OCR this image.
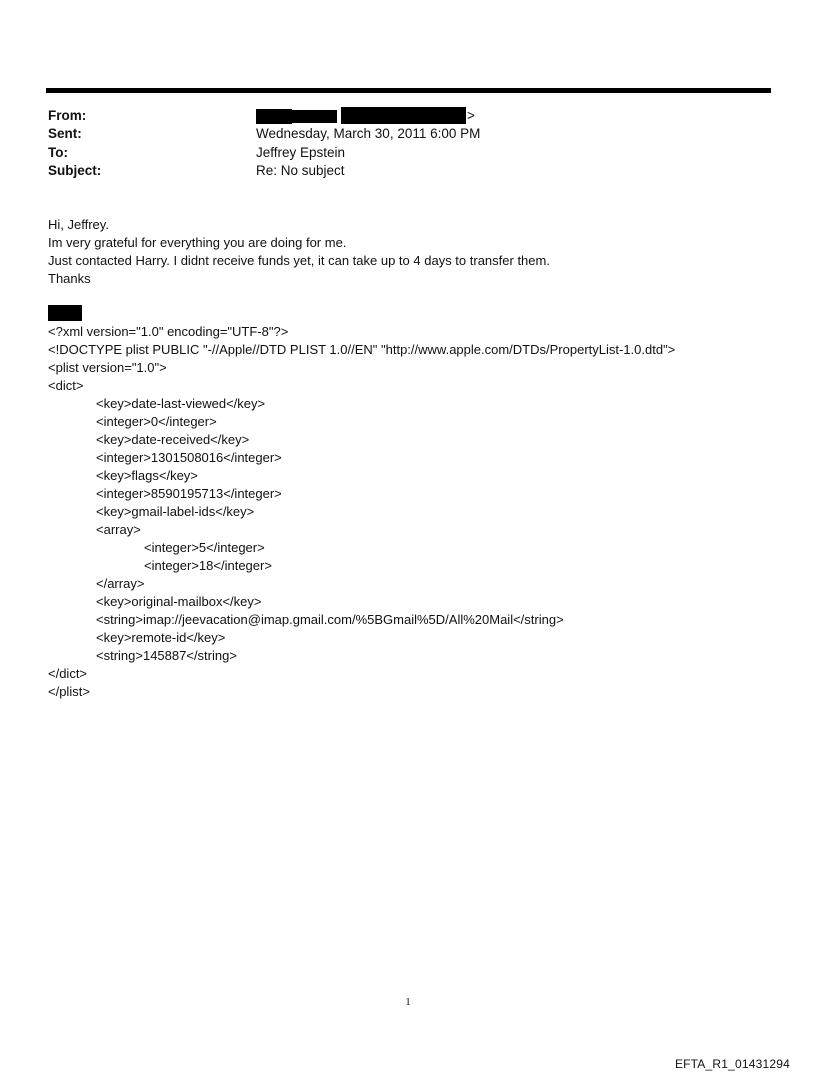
From:	>
Sent:	Wednesday, March 30, 2011 6:00 PM
To:	Jeffrey Epstein
Subject:	Re: No subject
Hi, Jeffrey.
Im very grateful for everything you are doing for me.
Just contacted Harry. I didnt receive funds yet, it can take up to 4 days to transfer them.
Thanks
<?xml version="1.0" encoding="UTF-8"?>
<!DOCTYPE plist PUBLIC "-//Apple//DTD PLIST 1.0//EN" "http://www.apple.com/DTDs/PropertyList-1.0.dtd">
<plist version="1.0">
<dict>
<key>date-last-viewed</key>
<integer>0</integer>
<key>date-received</key>
<integer>1301508016</integer>
<key>flags</key>
<integer>8590195713</integer>
<key>gmail-label-ids</key>
<array>
<integer>5</integer>
<integer>18</integer>
</array>
<key>original-mailbox</key>
<string>imap://jeevacation@imap.gmail.com/%5BGmail%5D/All%20Mail</string>
<key>remote-id</key>
<string>145887</string>
</dict>
</plist>
1
EFTA_R1_01431294
